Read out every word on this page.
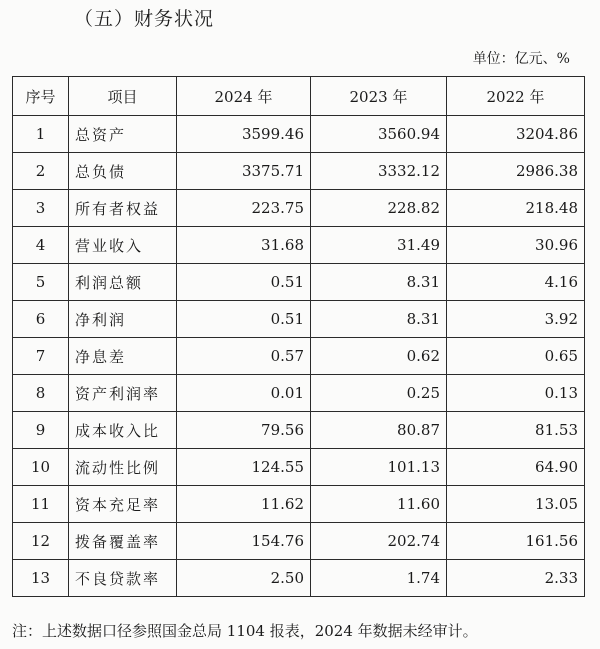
（五）财务状况
单位：亿元、%
序号	项目	2024 年	2023 年	2022 年
1	总资产	3599.46	3560.94	3204.86
2	总负债	3375.71	3332.12	2986.38
3	所有者权益	223.75	228.82	218.48
4	营业收入	31.68	31.49	30.96
5	利润总额	0.51	8.31	4.16
6	净利润	0.51	8.31	3.92
7	净息差	0.57	0.62	0.65
8	资产利润率	0.01	0.25	0.13
9	成本收入比	79.56	80.87	81.53
10	流动性比例	124.55	101.13	64.90
11	资本充足率	11.62	11.60	13.05
12	拨备覆盖率	154.76	202.74	161.56
13	不良贷款率	2.50	1.74	2.33
注：上述数据口径参照国金总局 1104 报表，2024 年数据未经审计。
